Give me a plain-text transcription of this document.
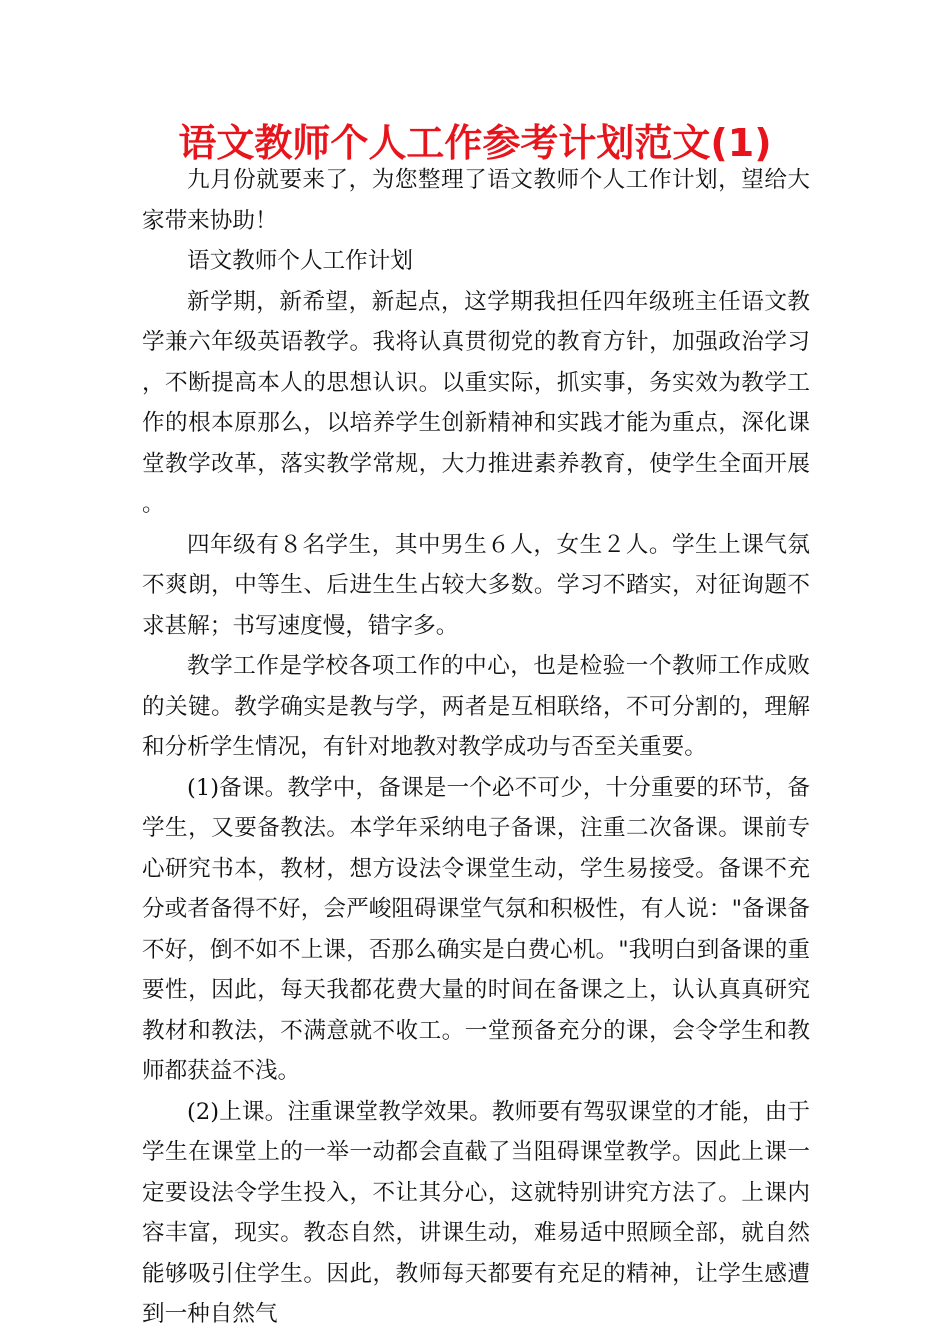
语文教师个人工作参考计划范文(1)

九月份就要来了，为您整理了语文教师个人工作计划，望给大家带来协助！

语文教师个人工作计划

新学期，新希望，新起点，这学期我担任四年级班主任语文教学兼六年级英语教学。我将认真贯彻党的教育方针，加强政治学习，不断提高本人的思想认识。以重实际，抓实事，务实效为教学工作的根本原那么，以培养学生创新精神和实践才能为重点，深化课堂教学改革，落实教学常规，大力推进素养教育，使学生全面开展。

四年级有８名学生，其中男生６人，女生２人。学生上课气氛不爽朗，中等生、后进生生占较大多数。学习不踏实，对征询题不求甚解；书写速度慢，错字多。

教学工作是学校各项工作的中心，也是检验一个教师工作成败的关键。教学确实是教与学，两者是互相联络，不可分割的，理解和分析学生情况，有针对地教对教学成功与否至关重要。

(1)备课。教学中，备课是一个必不可少，十分重要的环节，备学生，又要备教法。本学年采纳电子备课，注重二次备课。课前专心研究书本，教材，想方设法令课堂生动，学生易接受。备课不充分或者备得不好，会严峻阻碍课堂气氛和积极性，有人说："备课备不好，倒不如不上课，否那么确实是白费心机。"我明白到备课的重要性，因此，每天我都花费大量的时间在备课之上，认认真真研究教材和教法，不满意就不收工。一堂预备充分的课，会令学生和教师都获益不浅。

(2)上课。注重课堂教学效果。教师要有驾驭课堂的才能，由于学生在课堂上的一举一动都会直截了当阻碍课堂教学。因此上课一定要设法令学生投入，不让其分心，这就特别讲究方法了。上课内容丰富，现实。教态自然，讲课生动，难易适中照顾全部，就自然能够吸引住学生。因此，教师每天都要有充足的精神，让学生感遭到一种自然气
